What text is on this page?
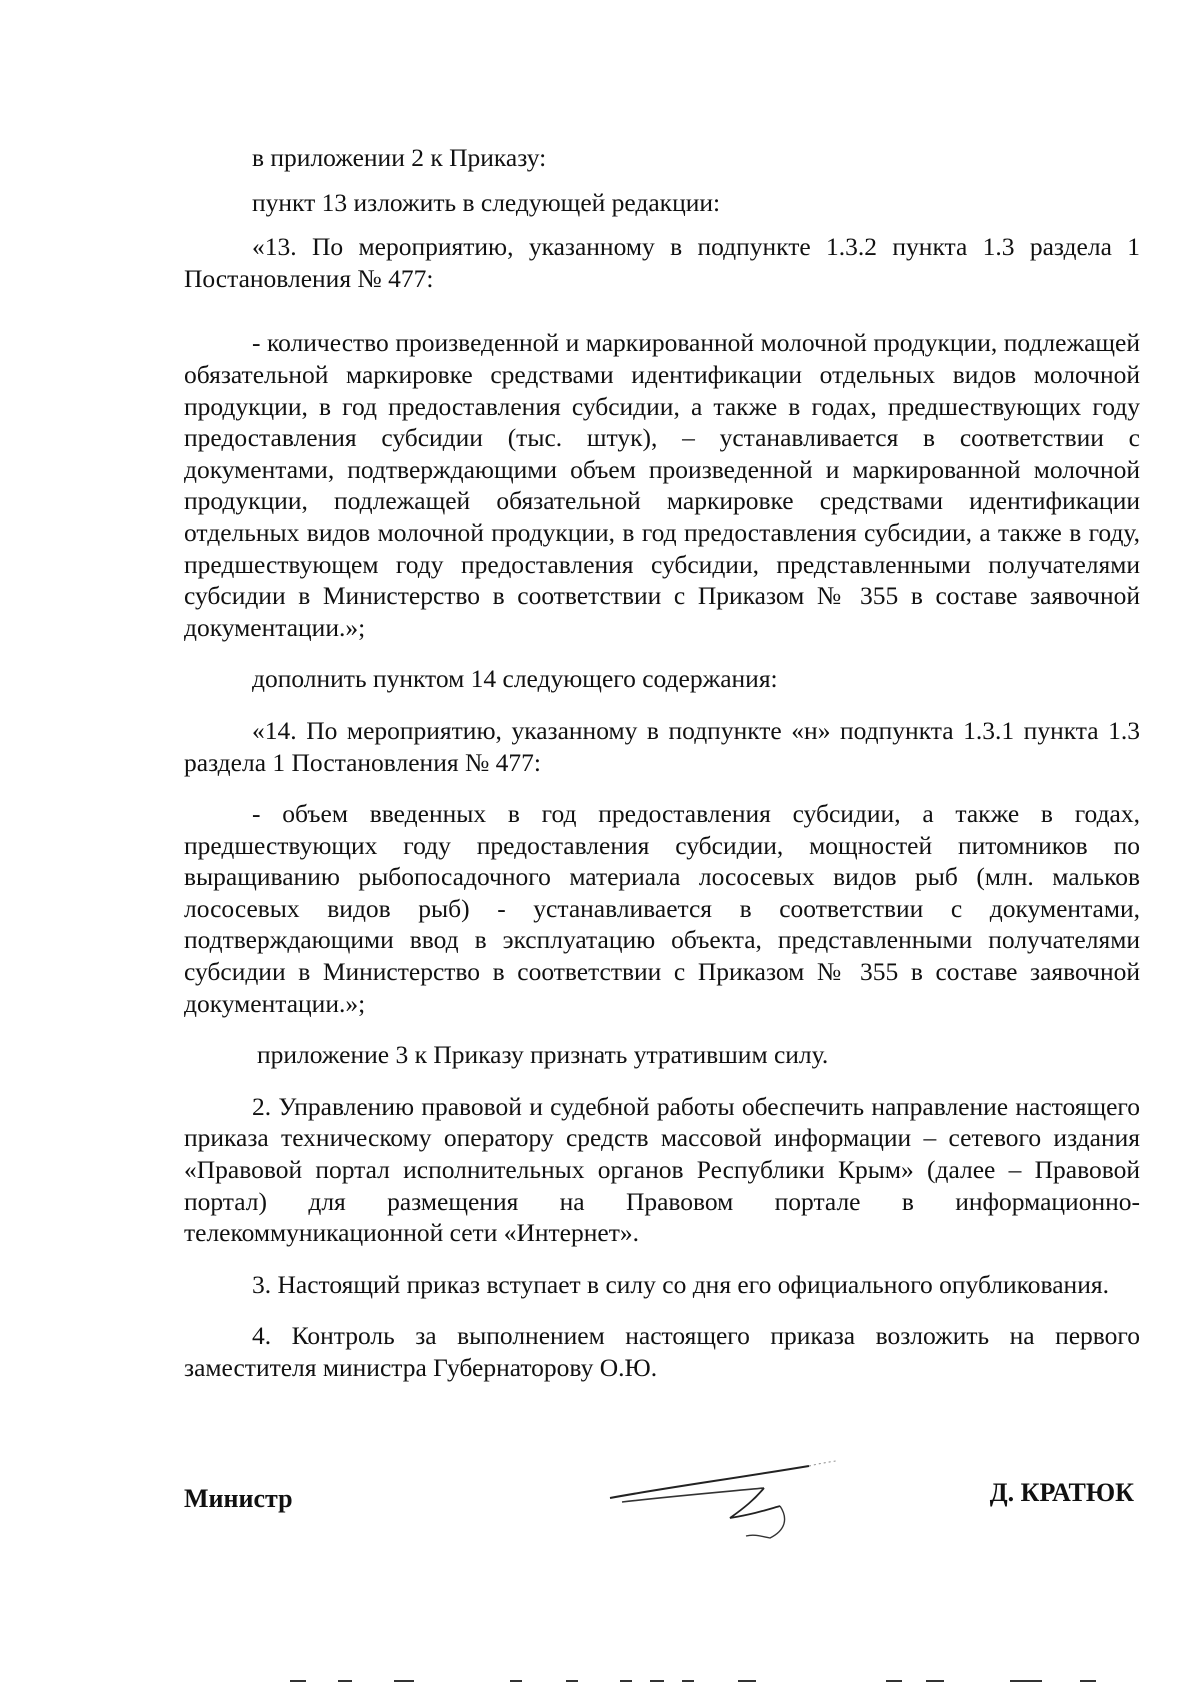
в приложении 2 к Приказу:

пункт 13 изложить в следующей редакции:

«13. По мероприятию, указанному в подпункте 1.3.2 пункта 1.3 раздела 1 Постановления № 477:

- количество произведенной и маркированной молочной продукции, подлежащей обязательной маркировке средствами идентификации отдельных видов молочной продукции, в год предоставления субсидии, а также в годах, предшествующих году предоставления субсидии (тыс. штук), – устанавливается в соответствии с документами, подтверждающими объем произведенной и маркированной молочной продукции, подлежащей обязательной маркировке средствами идентификации отдельных видов молочной продукции, в год предоставления субсидии, а также в году, предшествующем году предоставления субсидии, представленными получателями субсидии в Министерство в соответствии с Приказом № 355 в составе заявочной документации.»;

дополнить пунктом 14 следующего содержания:

«14. По мероприятию, указанному в подпункте «н» подпункта 1.3.1 пункта 1.3 раздела 1 Постановления № 477:

- объем введенных в год предоставления субсидии, а также в годах, предшествующих году предоставления субсидии, мощностей питомников по выращиванию рыбопосадочного материала лососевых видов рыб (млн. мальков лососевых видов рыб) - устанавливается в соответствии с документами, подтверждающими ввод в эксплуатацию объекта, представленными получателями субсидии в Министерство в соответствии с Приказом № 355 в составе заявочной документации.»;

приложение 3 к Приказу признать утратившим силу.

2. Управлению правовой и судебной работы обеспечить направление настоящего приказа техническому оператору средств массовой информации – сетевого издания «Правовой портал исполнительных органов Республики Крым» (далее – Правовой портал) для размещения на Правовом портале в информационно-телекоммуникационной сети «Интернет».

3. Настоящий приказ вступает в силу со дня его официального опубликования.

4. Контроль за выполнением настоящего приказа возложить на первого заместителя министра Губернаторову О.Ю.

Министр	Д. КРАТЮК
